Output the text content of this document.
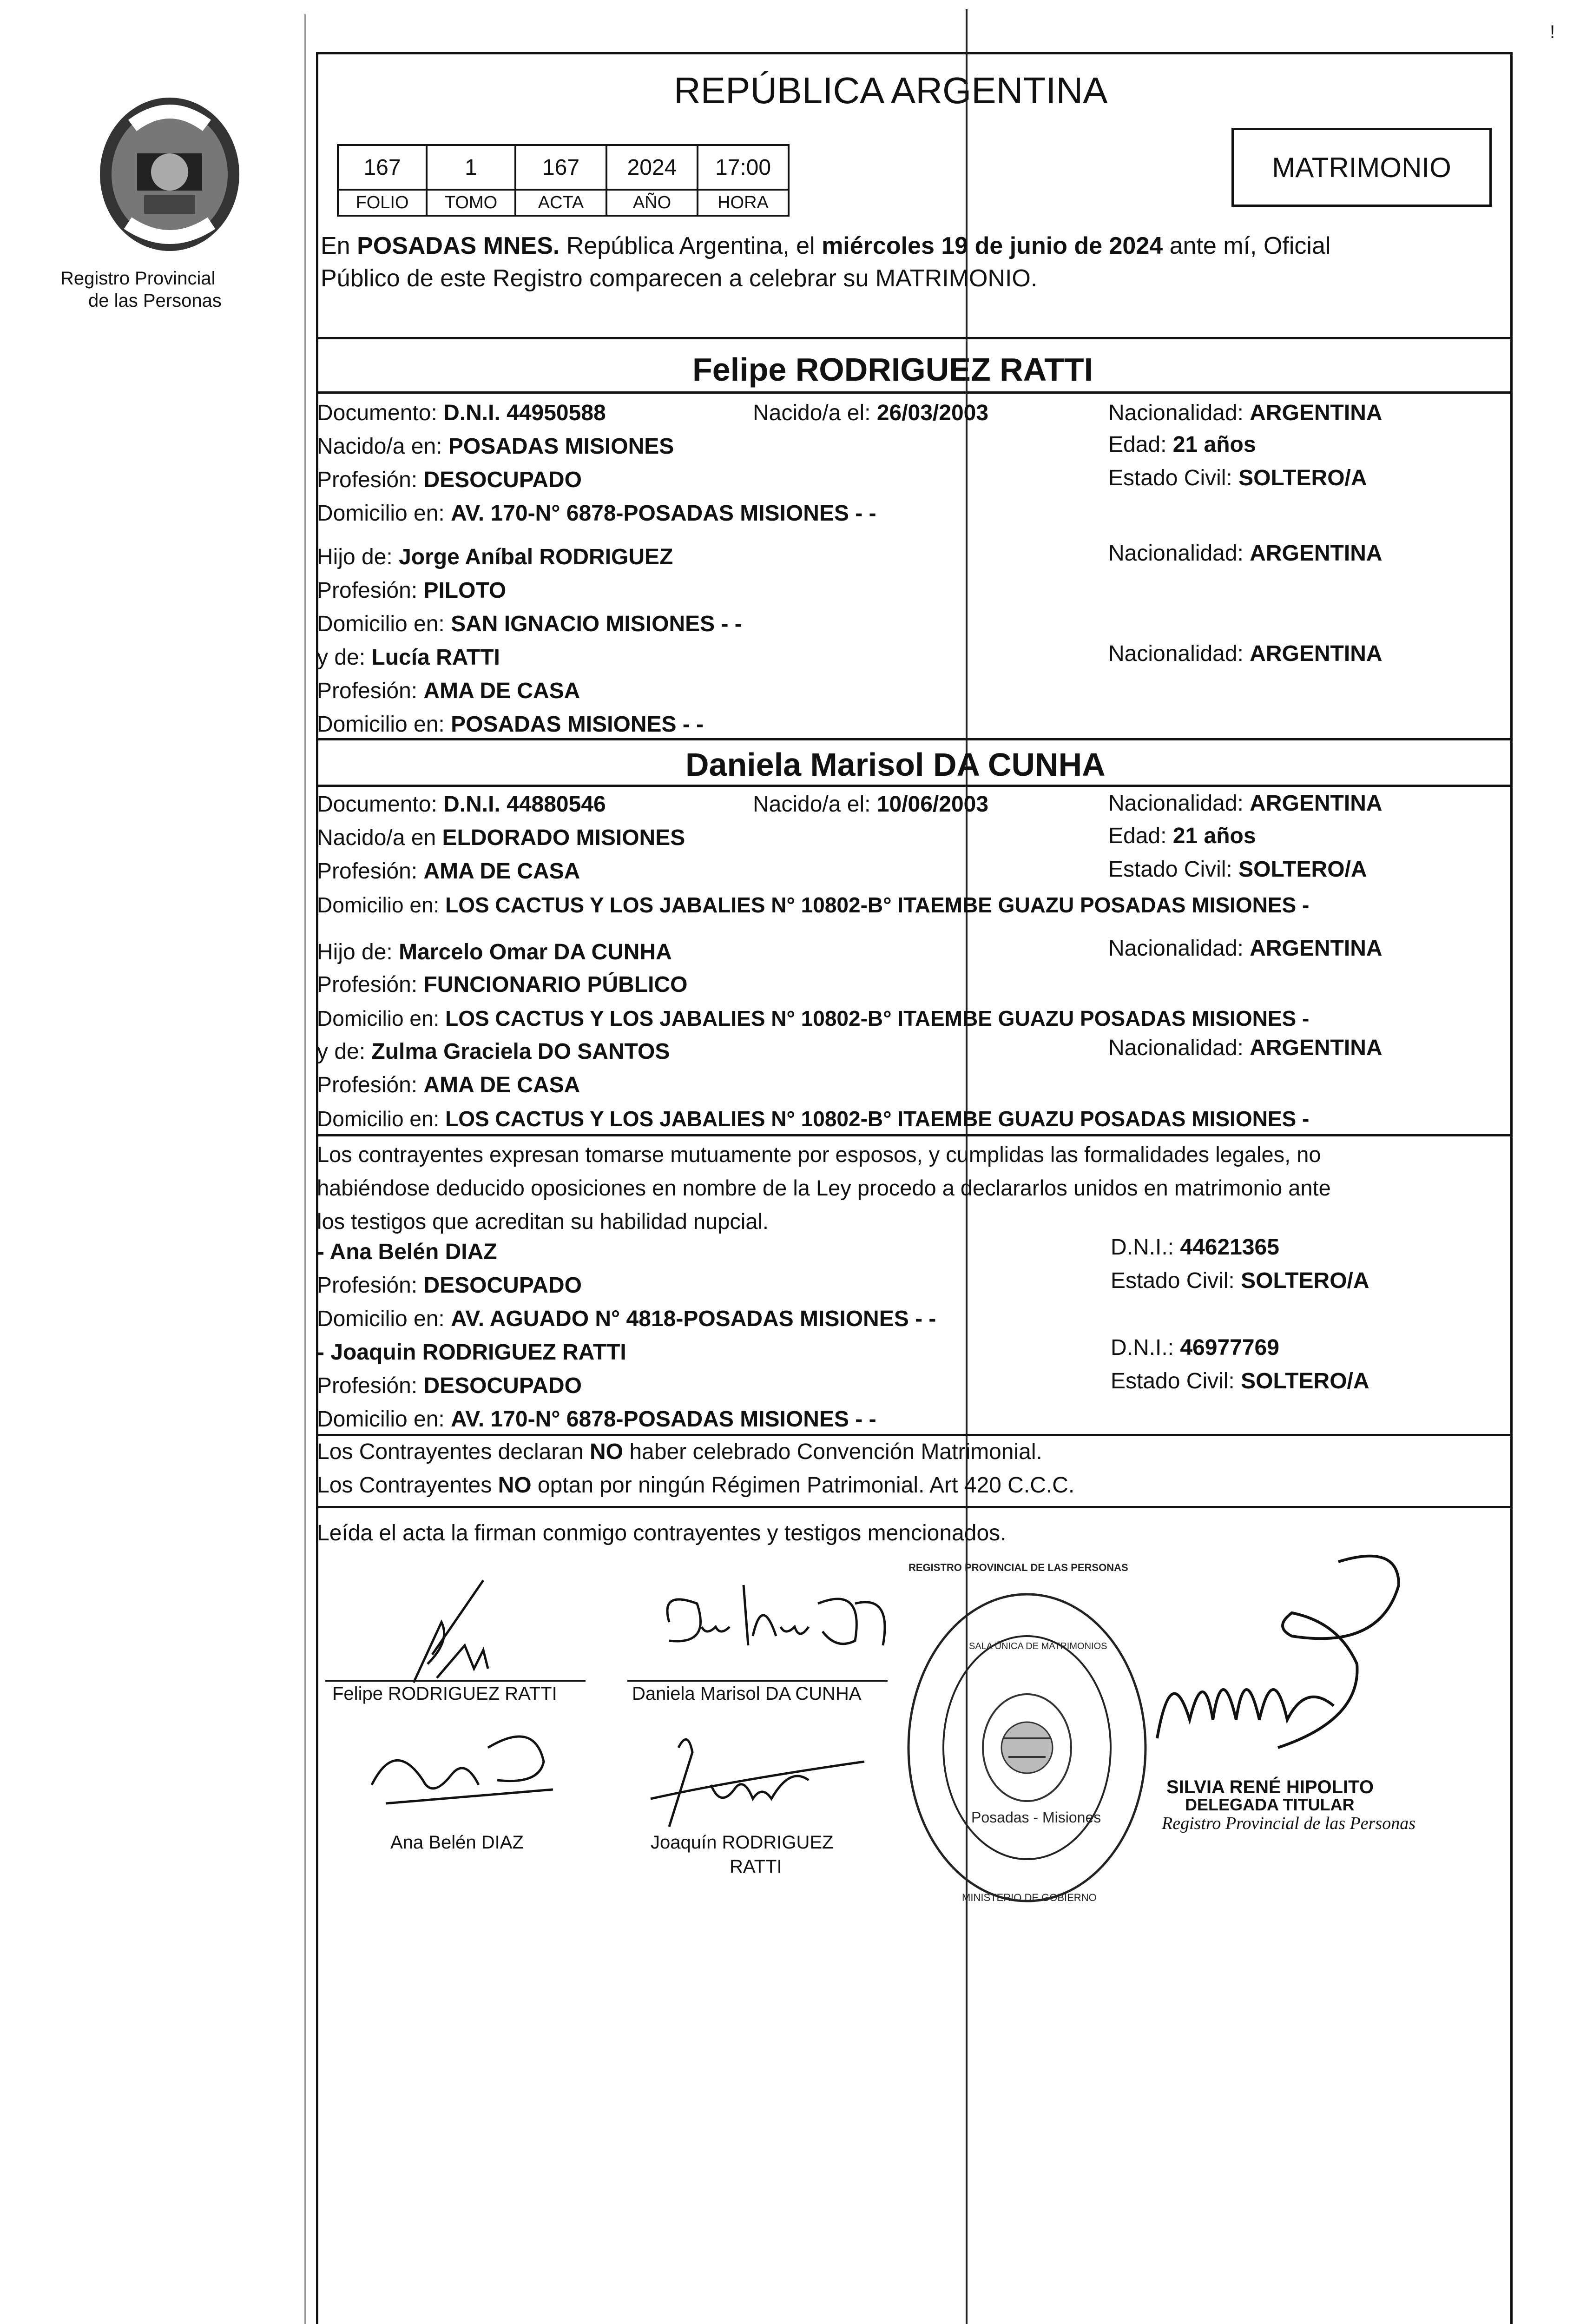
Registro Provincial
de las Personas
REPÚBLICA ARGENTINA
167	1	167	2024	17:00
FOLIO	TOMO	ACTA	AÑO	HORA
MATRIMONIO
En POSADAS MNES. República Argentina, el miércoles 19 de junio de 2024 ante mí, Oficial
Público de este Registro comparecen a celebrar su MATRIMONIO.
Felipe RODRIGUEZ RATTI
Documento: D.N.I. 44950588	Nacido/a el: 26/03/2003	Nacionalidad: ARGENTINA
Nacido/a en: POSADAS MISIONES	Edad: 21 años
Profesión: DESOCUPADO	Estado Civil: SOLTERO/A
Domicilio en: AV. 170-N° 6878-POSADAS MISIONES - -
Hijo de: Jorge Aníbal RODRIGUEZ	Nacionalidad: ARGENTINA
Profesión: PILOTO
Domicilio en: SAN IGNACIO MISIONES - -
y de: Lucía RATTI	Nacionalidad: ARGENTINA
Profesión: AMA DE CASA
Domicilio en: POSADAS MISIONES - -
Daniela Marisol DA CUNHA
Documento: D.N.I. 44880546	Nacido/a el: 10/06/2003	Nacionalidad: ARGENTINA
Nacido/a en ELDORADO MISIONES	Edad: 21 años
Profesión: AMA DE CASA	Estado Civil: SOLTERO/A
Domicilio en: LOS CACTUS Y LOS JABALIES N° 10802-B° ITAEMBE GUAZU POSADAS MISIONES -
Hijo de: Marcelo Omar DA CUNHA	Nacionalidad: ARGENTINA
Profesión: FUNCIONARIO PÚBLICO
Domicilio en: LOS CACTUS Y LOS JABALIES N° 10802-B° ITAEMBE GUAZU POSADAS MISIONES -
y de: Zulma Graciela DO SANTOS	Nacionalidad: ARGENTINA
Profesión: AMA DE CASA
Domicilio en: LOS CACTUS Y LOS JABALIES N° 10802-B° ITAEMBE GUAZU POSADAS MISIONES -
Los contrayentes expresan tomarse mutuamente por esposos, y cumplidas las formalidades legales, no
habiéndose deducido oposiciones en nombre de la Ley procedo a declararlos unidos en matrimonio ante
los testigos que acreditan su habilidad nupcial.
- Ana Belén DIAZ	D.N.I.: 44621365
Profesión: DESOCUPADO	Estado Civil: SOLTERO/A
Domicilio en: AV. AGUADO N° 4818-POSADAS MISIONES - -
- Joaquin RODRIGUEZ RATTI	D.N.I.: 46977769
Profesión: DESOCUPADO	Estado Civil: SOLTERO/A
Domicilio en: AV. 170-N° 6878-POSADAS MISIONES - -
Los Contrayentes declaran NO haber celebrado Convención Matrimonial.
Los Contrayentes NO optan por ningún Régimen Patrimonial. Art 420 C.C.C.
Leída el acta la firman conmigo contrayentes y testigos mencionados.
Felipe RODRIGUEZ RATTI	Daniela Marisol DA CUNHA
Ana Belén DIAZ	Joaquín RODRIGUEZ
RATTI
REGISTRO PROVINCIAL DE LAS PERSONAS
SALA ÚNICA DE MATRIMONIOS
MINISTERIO DE GOBIERNO
Posadas - Misiones
SILVIA RENÉ HIPOLITO
DELEGADA TITULAR
Registro Provincial de las Personas
!
